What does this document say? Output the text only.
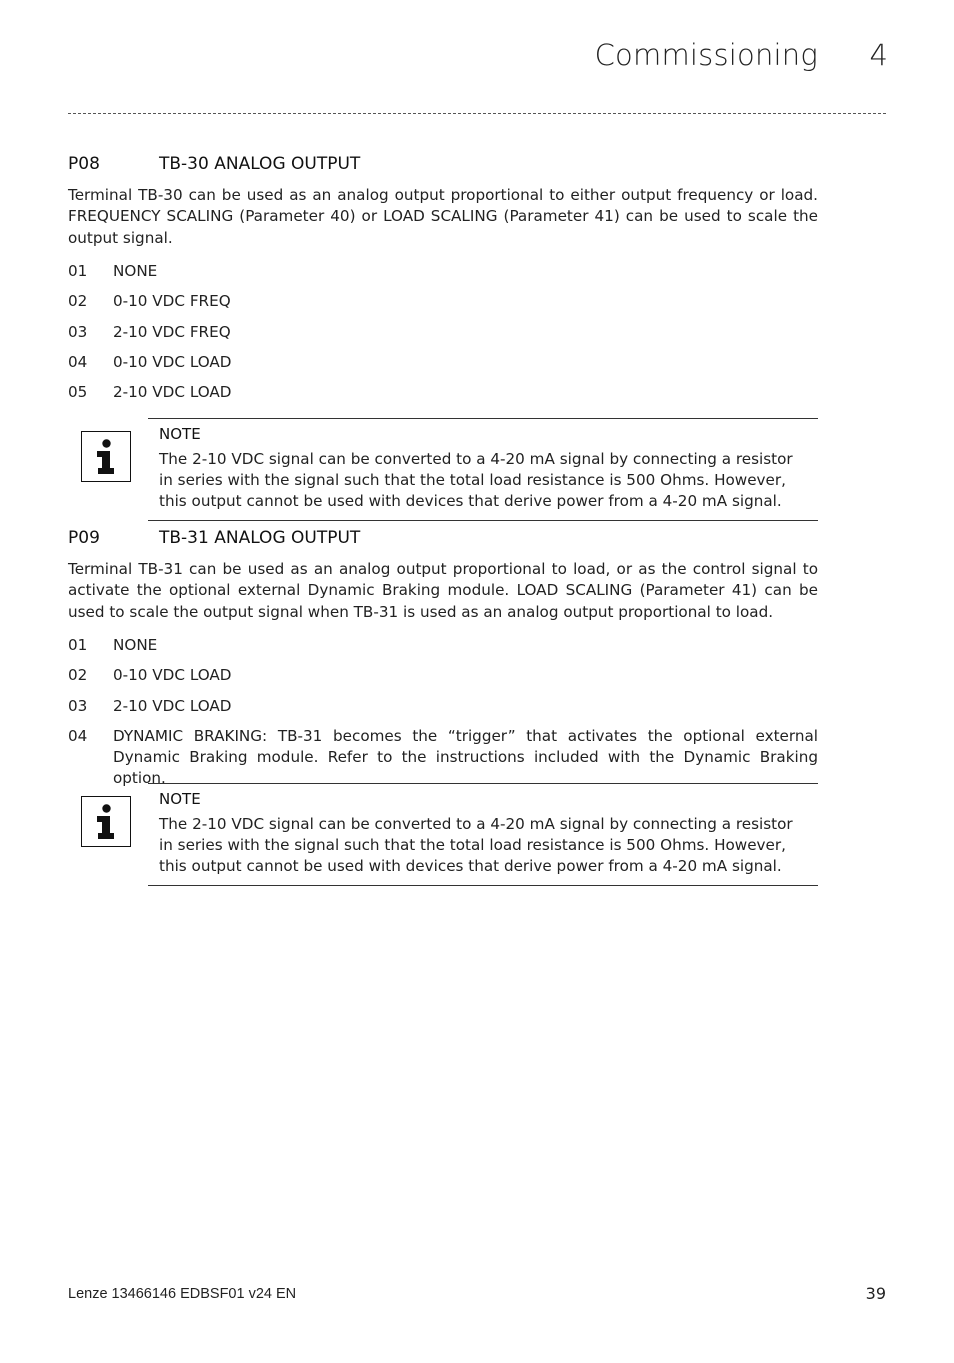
Commissioning	4
P08	TB-30 ANALOG OUTPUT

Terminal TB-30 can be used as an analog output proportional to either output frequency or load. FREQUENCY SCALING (Parameter 40) or LOAD SCALING (Parameter 41) can be used to scale the output signal.

01 NONE
02 0-10 VDC FREQ
03 2-10 VDC FREQ
04 0-10 VDC LOAD
05 2-10 VDC LOAD
NOTE

The 2-10 VDC signal can be converted to a 4-20 mA signal by connecting a resistor in series with the signal such that the total load resistance is 500 Ohms. However, this output cannot be used with devices that derive power from a 4-20 mA signal.

P09	TB-31 ANALOG OUTPUT

Terminal TB-31 can be used as an analog output proportional to load, or as the control signal to activate the optional external Dynamic Braking module. LOAD SCALING (Parameter 41) can be used to scale the output signal when TB-31 is used as an analog output proportional to load.

01 NONE
02 0-10 VDC LOAD
03 2-10 VDC LOAD
04 DYNAMIC BRAKING: TB-31 becomes the “trigger” that activates the optional external Dynamic Braking module. Refer to the instructions included with the Dynamic Braking option.
NOTE

The 2-10 VDC signal can be converted to a 4-20 mA signal by connecting a resistor in series with the signal such that the total load resistance is 500 Ohms. However, this output cannot be used with devices that derive power from a 4-20 mA signal.

Lenze 13466146 EDBSF01 v24 EN	39
